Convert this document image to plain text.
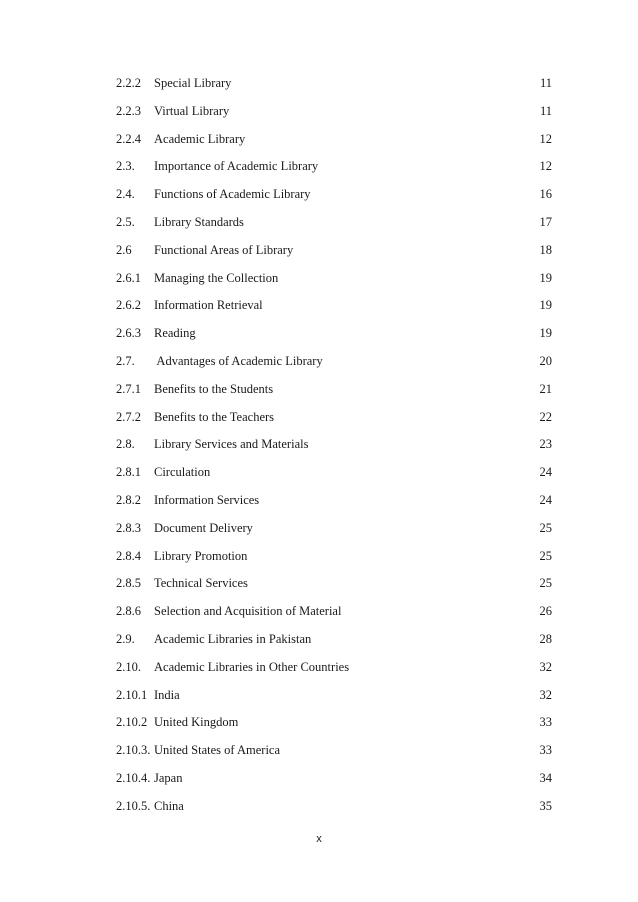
2.2.2 Special Library	11
2.2.3 Virtual Library	11
2.2.4 Academic Library	12
2.3. Importance of Academic Library	12
2.4. Functions of Academic Library	16
2.5. Library Standards	17
2.6 Functional Areas of Library	18
2.6.1 Managing the Collection	19
2.6.2 Information Retrieval	19
2.6.3 Reading	19
2.7. Advantages of Academic Library	20
2.7.1 Benefits to the Students	21
2.7.2 Benefits to the Teachers	22
2.8. Library Services and Materials	23
2.8.1 Circulation	24
2.8.2 Information Services	24
2.8.3 Document Delivery	25
2.8.4 Library Promotion	25
2.8.5 Technical Services	25
2.8.6 Selection and Acquisition of Material	26
2.9. Academic Libraries in Pakistan	28
2.10. Academic Libraries in Other Countries	32
2.10.1 India	32
2.10.2 United Kingdom	33
2.10.3. United States of America	33
2.10.4. Japan	34
2.10.5. China	35
x
